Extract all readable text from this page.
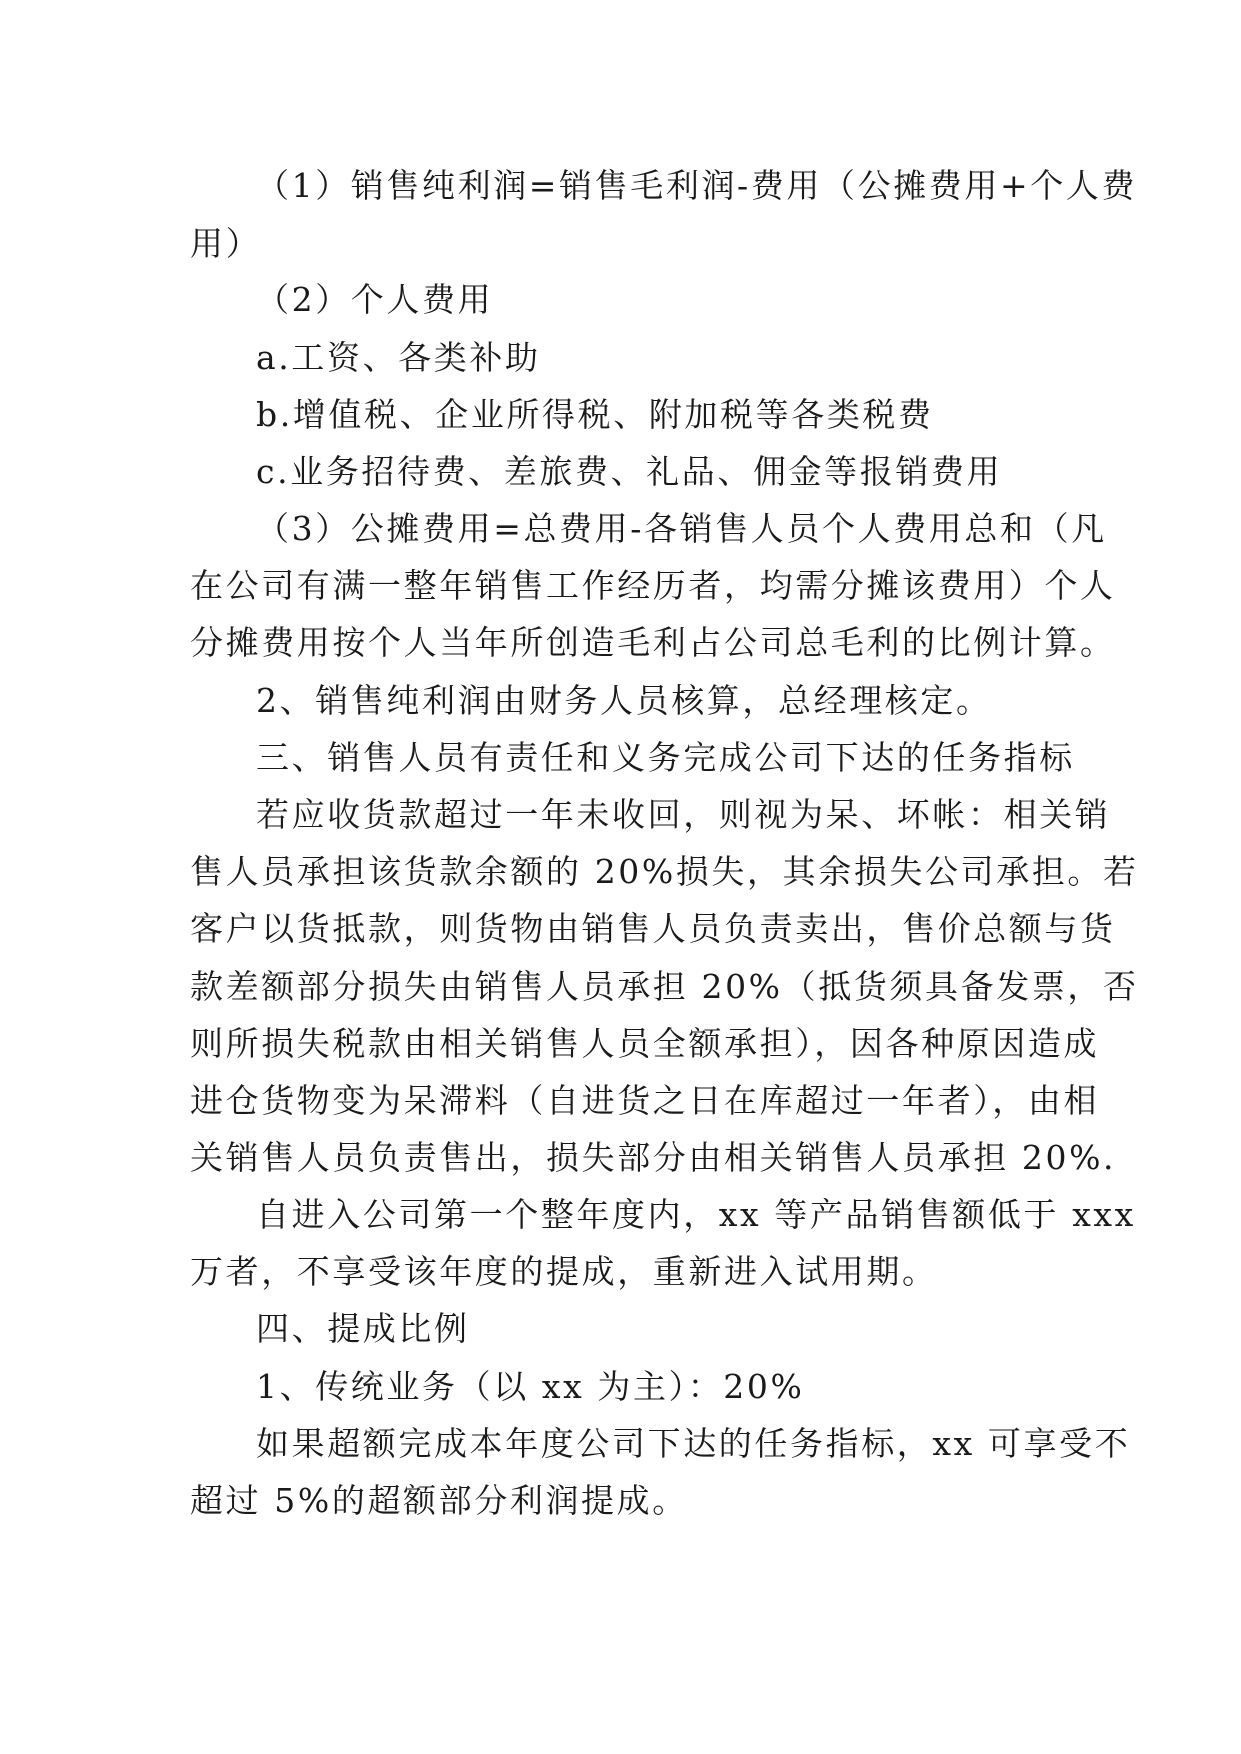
（1）销售纯利润=销售毛利润-费用（公摊费用+个人费
用）
（2）个人费用
a.工资、各类补助
b.增值税、企业所得税、附加税等各类税费
c.业务招待费、差旅费、礼品、佣金等报销费用
（3）公摊费用=总费用-各销售人员个人费用总和（凡
在公司有满一整年销售工作经历者，均需分摊该费用）个人
分摊费用按个人当年所创造毛利占公司总毛利的比例计算。
2、销售纯利润由财务人员核算，总经理核定。
三、销售人员有责任和义务完成公司下达的任务指标
若应收货款超过一年未收回，则视为呆、坏帐：相关销
售人员承担该货款余额的 20%损失，其余损失公司承担。若
客户以货抵款，则货物由销售人员负责卖出，售价总额与货
款差额部分损失由销售人员承担 20%（抵货须具备发票，否
则所损失税款由相关销售人员全额承担），因各种原因造成
进仓货物变为呆滞料（自进货之日在库超过一年者），由相
关销售人员负责售出，损失部分由相关销售人员承担 20%.
自进入公司第一个整年度内，xx 等产品销售额低于 xxx
万者，不享受该年度的提成，重新进入试用期。
四、提成比例
1、传统业务（以 xx 为主）：20%
如果超额完成本年度公司下达的任务指标，xx 可享受不
超过 5%的超额部分利润提成。
